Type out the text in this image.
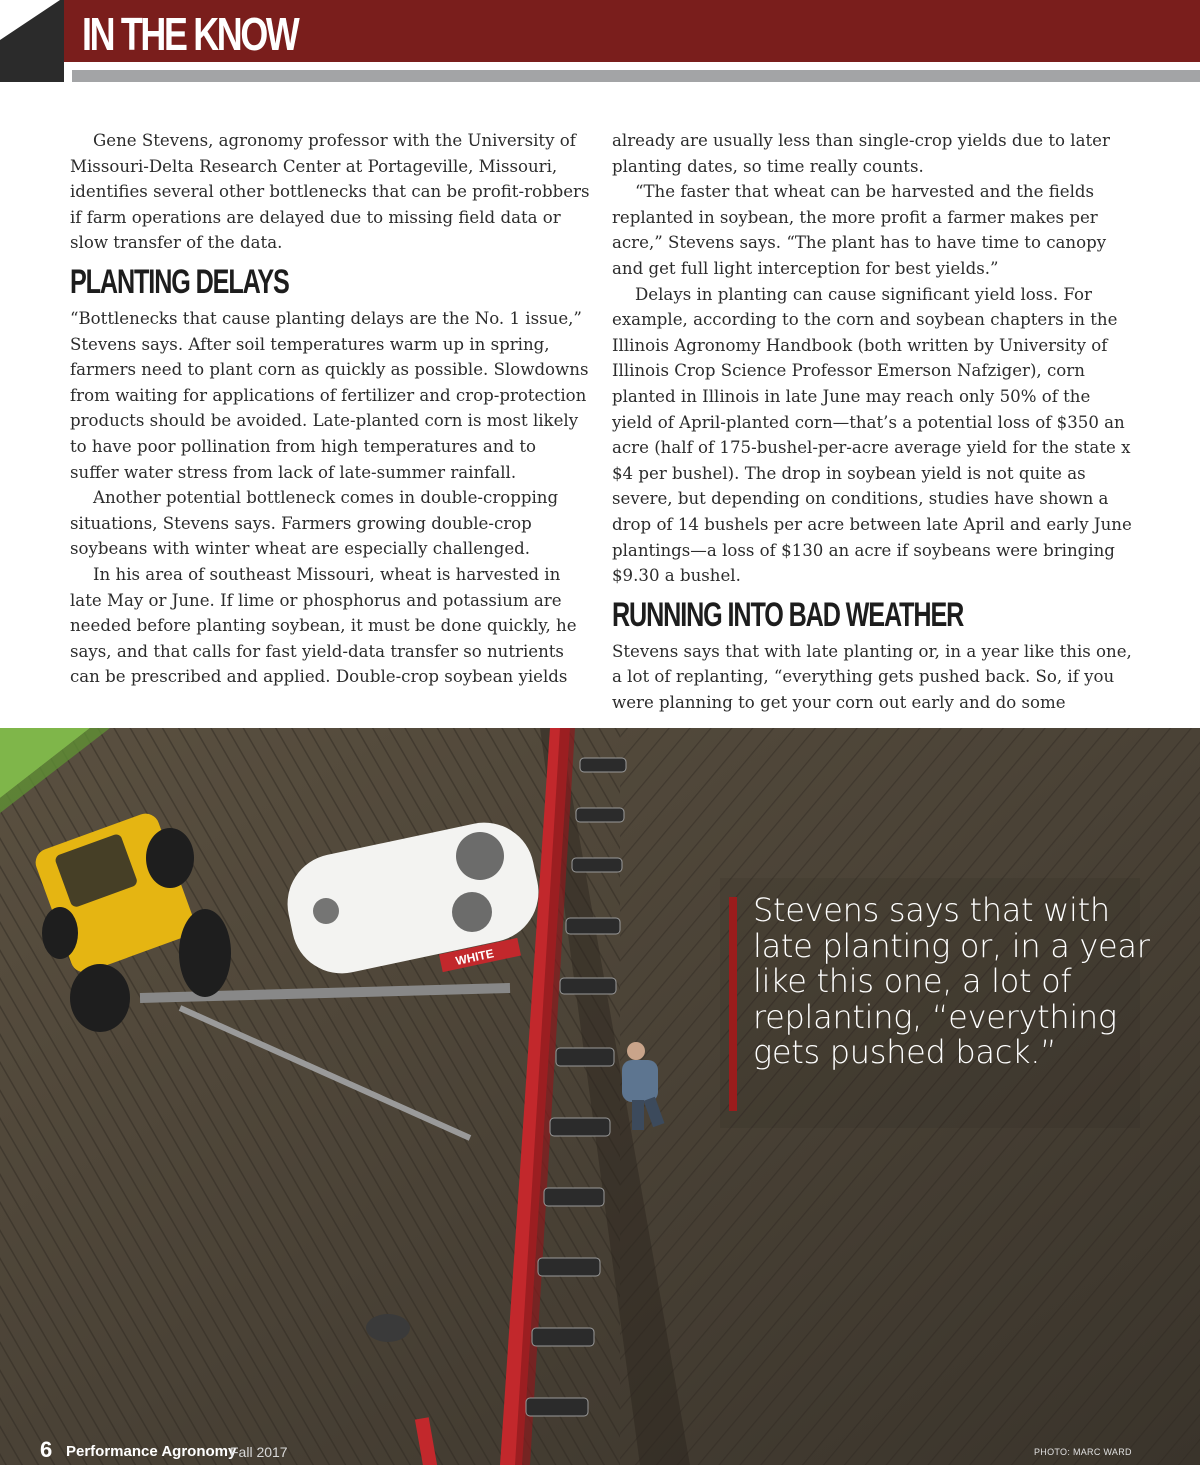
IN THE KNOW

Gene Stevens, agronomy professor with the University of Missouri-Delta Research Center at Portageville, Missouri, identifies several other bottlenecks that can be profit-robbers if farm operations are delayed due to missing field data or slow transfer of the data.

PLANTING DELAYS

“Bottlenecks that cause planting delays are the No. 1 issue,” Stevens says. After soil temperatures warm up in spring, farmers need to plant corn as quickly as possible. Slowdowns from waiting for applications of fertilizer and crop-protection products should be avoided. Late-planted corn is most likely to have poor pollination from high temperatures and to suffer water stress from lack of late-summer rainfall.

Another potential bottleneck comes in double-cropping situations, Stevens says. Farmers growing double-crop soybeans with winter wheat are especially challenged.

In his area of southeast Missouri, wheat is harvested in late May or June. If lime or phosphorus and potassium are needed before planting soybean, it must be done quickly, he says, and that calls for fast yield-data transfer so nutrients can be prescribed and applied. Double-crop soybean yields

already are usually less than single-crop yields due to later planting dates, so time really counts.

“The faster that wheat can be harvested and the fields replanted in soybean, the more profit a farmer makes per acre,” Stevens says. “The plant has to have time to canopy and get full light interception for best yields.”

Delays in planting can cause significant yield loss. For example, according to the corn and soybean chapters in the Illinois Agronomy Handbook (both written by University of Illinois Crop Science Professor Emerson Nafziger), corn planted in Illinois in late June may reach only 50% of the yield of April-planted corn—that’s a potential loss of $350 an acre (half of 175-bushel-per-acre average yield for the state x $4 per bushel). The drop in soybean yield is not quite as severe, but depending on conditions, studies have shown a drop of 14 bushels per acre between late April and early June plantings—a loss of $130 an acre if soybeans were bringing $9.30 a bushel.

RUNNING INTO BAD WEATHER

Stevens says that with late planting or, in a year like this one, a lot of replanting, “everything gets pushed back. So, if you were planning to get your corn out early and do some

WHITE
Stevens says that with late planting or, in a year like this one, a lot of replanting, “everything gets pushed back.”
6 Performance Agronomy
Fall 2017	PHOTO: MARC WARD
